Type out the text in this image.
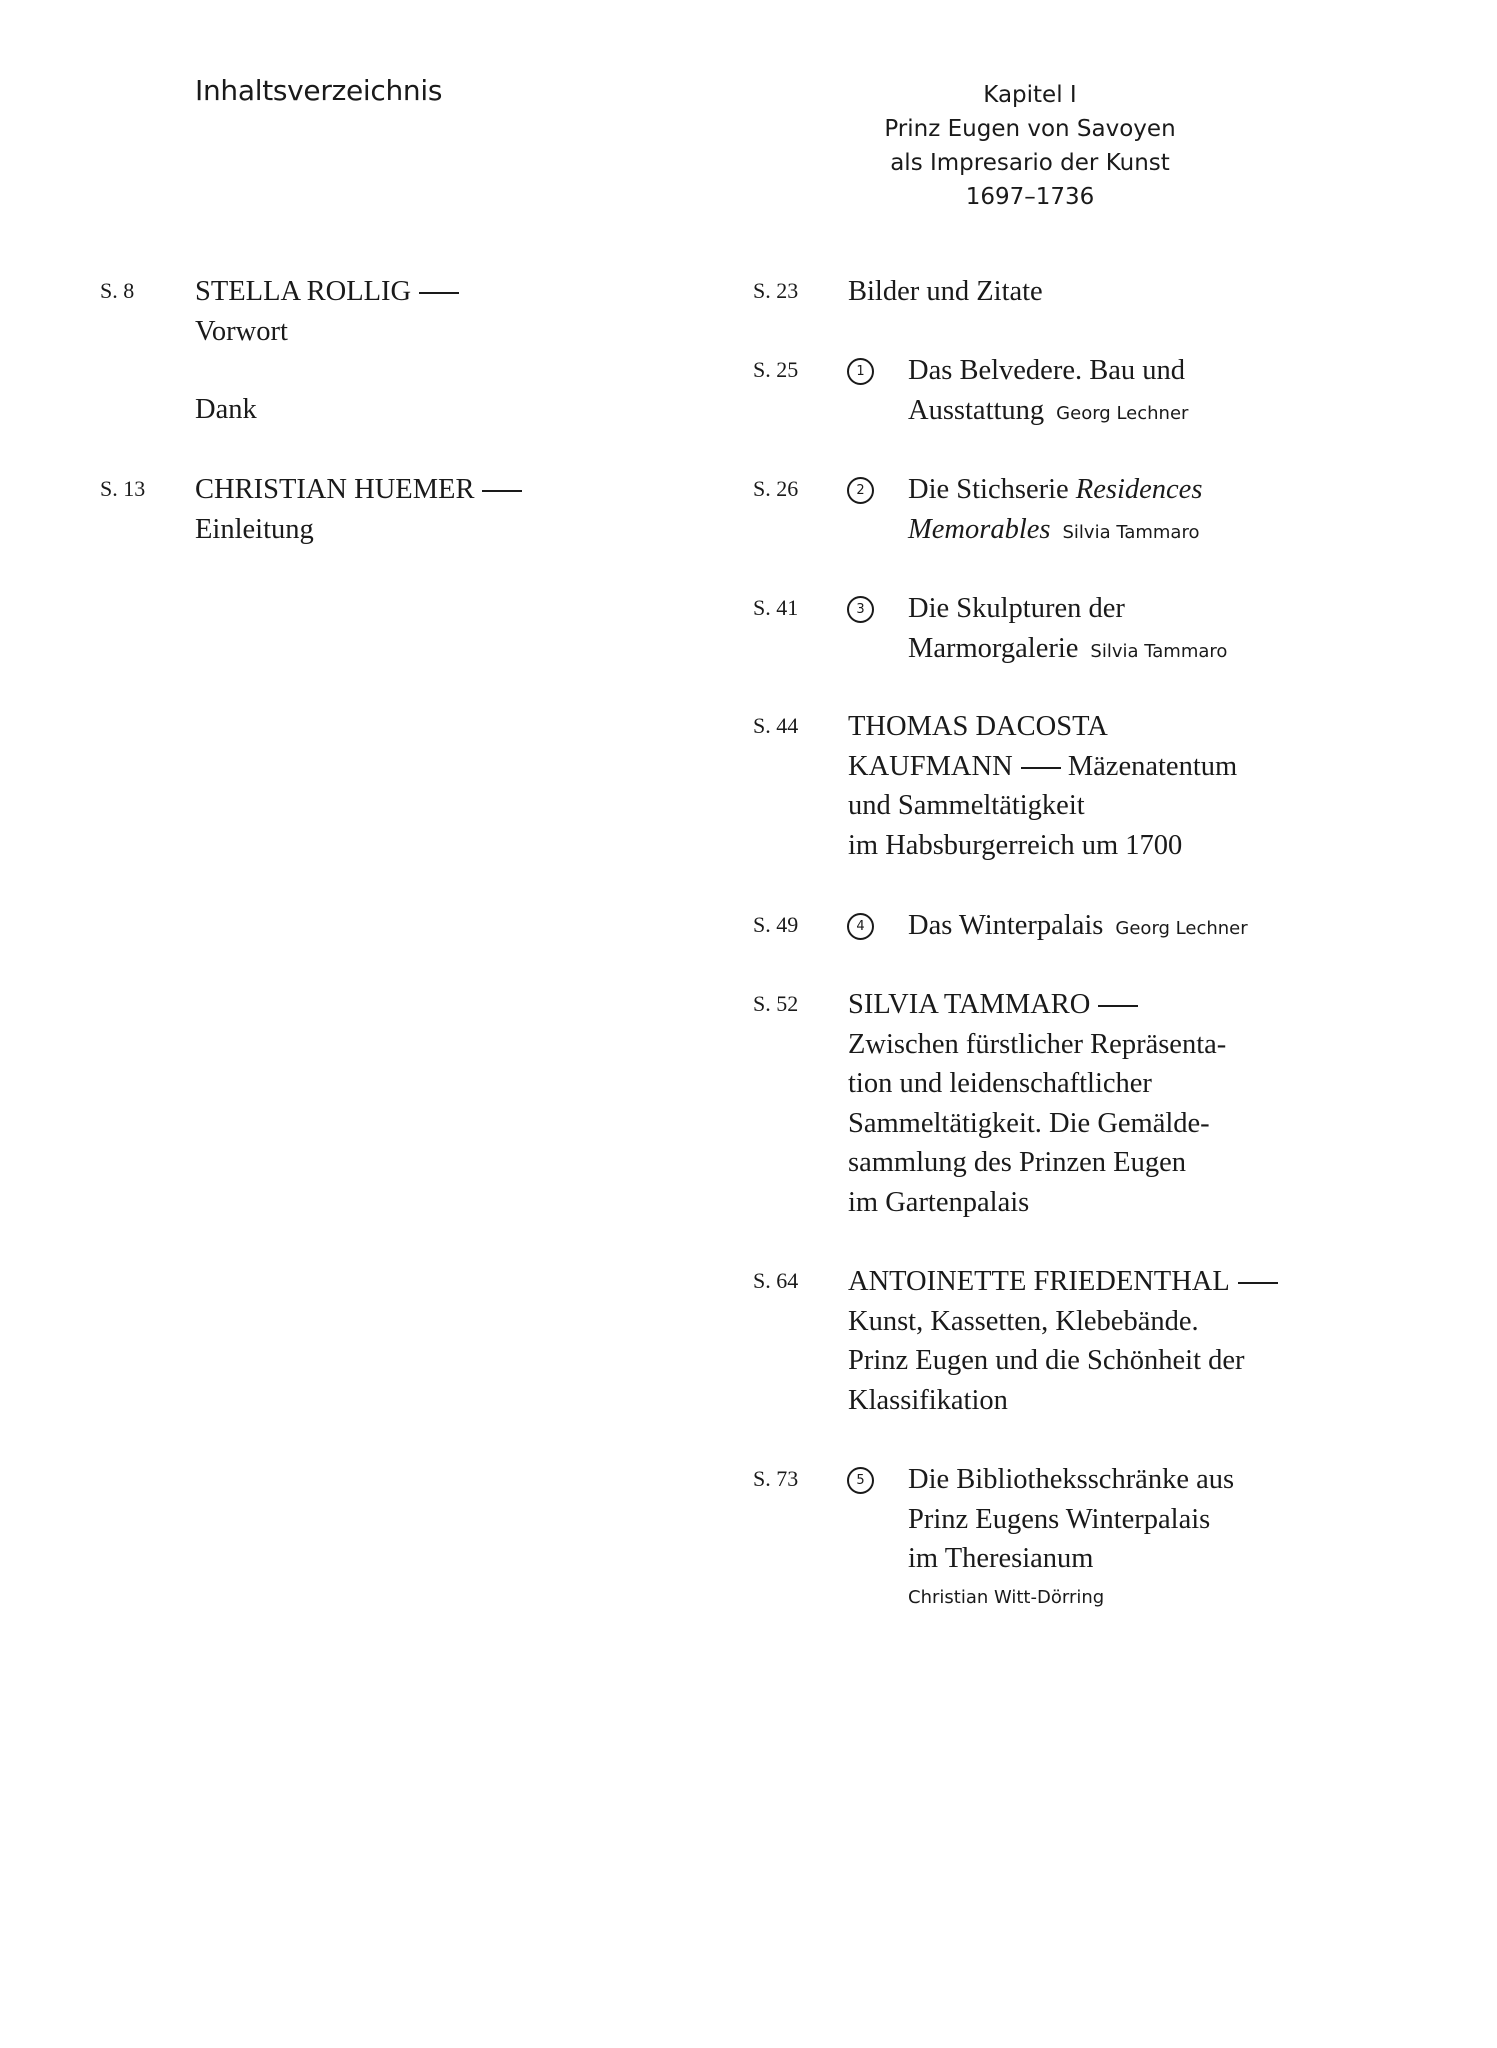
Inhaltsverzeichnis	Kapitel I
Prinz Eugen von Savoyen
als Impresario der Kunst
1697–1736
S. 8 STELLA ROLLIG
Vorwort
Dank
S. 13 CHRISTIAN HUEMER
Einleitung
S. 23 Bilder und Zitate
S. 25	1	Das Belvedere. Bau und
Ausstattung Georg Lechner
S. 26	2	Die Stichserie Residences
Memorables Silvia Tammaro
S. 41	3	Die Skulpturen der
Marmorgalerie Silvia Tammaro
S. 44 THOMAS DACOSTA
KAUFMANN Mäzenatentum
und Sammeltätigkeit
im Habsburgerreich um 1700
S. 49	4	Das Winterpalais Georg Lechner
S. 52 SILVIA TAMMARO
Zwischen fürstlicher Repräsenta-
tion und leidenschaftlicher
Sammeltätigkeit. Die Gemälde-
sammlung des Prinzen Eugen
im Gartenpalais
S. 64 ANTOINETTE FRIEDENTHAL
Kunst, Kassetten, Klebebände.
Prinz Eugen und die Schönheit der
Klassifikation
S. 73	5	Die Bibliotheksschränke aus
Prinz Eugens Winterpalais
im Theresianum
Christian Witt-Dörring
